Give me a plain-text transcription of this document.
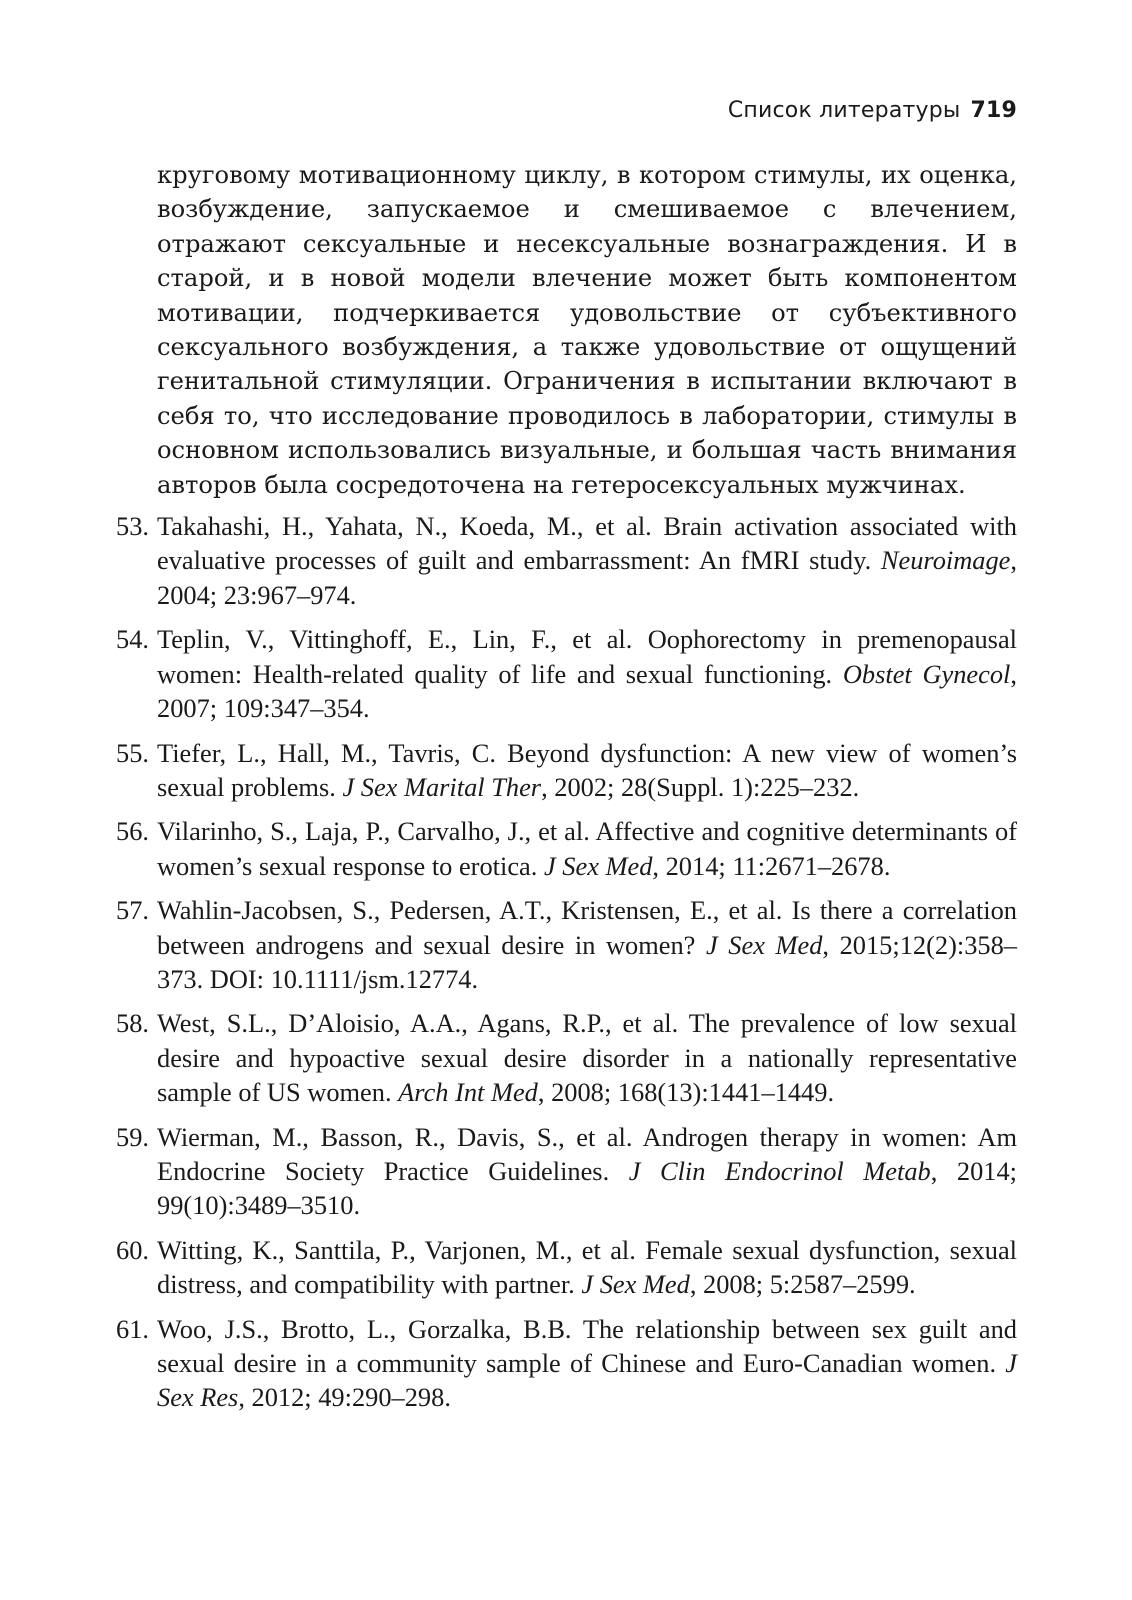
Список литературы 719

круговому мотивационному циклу, в котором стимулы, их оценка, возбуждение, запускаемое и смешиваемое с влечением, отражают сексуальные и несексуальные вознаграждения. И в старой, и в новой модели влечение может быть компонентом мотивации, подчеркивается удовольствие от субъективного сексуального возбуждения, а также удовольствие от ощущений генитальной стимуляции. Ограничения в испытании включают в себя то, что исследование проводилось в лаборатории, стимулы в основном использовались визуальные, и большая часть внимания авторов была сосредоточена на гетеросексуальных мужчинах.

53. Takahashi, H., Yahata, N., Koeda, M., et al. Brain activation associated with evaluative processes of guilt and embarrassment: An fMRI study. Neuroimage, 2004; 23:967–974.
54. Teplin, V., Vittinghoff, E., Lin, F., et al. Oophorectomy in premenopausal women: Health-related quality of life and sexual functioning. Obstet Gynecol, 2007; 109:347–354.
55. Tiefer, L., Hall, M., Tavris, C. Beyond dysfunction: A new view of women’s sexual problems. J Sex Marital Ther, 2002; 28(Suppl. 1):225–232.
56. Vilarinho, S., Laja, P., Carvalho, J., et al. Affective and cognitive determinants of women’s sexual response to erotica. J Sex Med, 2014; 11:2671–2678.
57. Wahlin-Jacobsen, S., Pedersen, A.T., Kristensen, E., et al. Is there a correlation between androgens and sexual desire in women? J Sex Med, 2015;12(2):358–373. DOI: 10.1111/jsm.12774.
58. West, S.L., D’Aloisio, A.A., Agans, R.P., et al. The prevalence of low sexual desire and hypoactive sexual desire disorder in a nationally representative sample of US women. Arch Int Med, 2008; 168(13):1441–1449.
59. Wierman, M., Basson, R., Davis, S., et al. Androgen therapy in women: Am Endocrine Society Practice Guidelines. J Clin Endocrinol Metab, 2014; 99(10):3489–3510.
60. Witting, K., Santtila, P., Varjonen, M., et al. Female sexual dysfunction, sexual distress, and compatibility with partner. J Sex Med, 2008; 5:2587–2599.
61. Woo, J.S., Brotto, L., Gorzalka, B.B. The relationship between sex guilt and sexual desire in a community sample of Chinese and Euro-Canadian women. J Sex Res, 2012; 49:290–298.
